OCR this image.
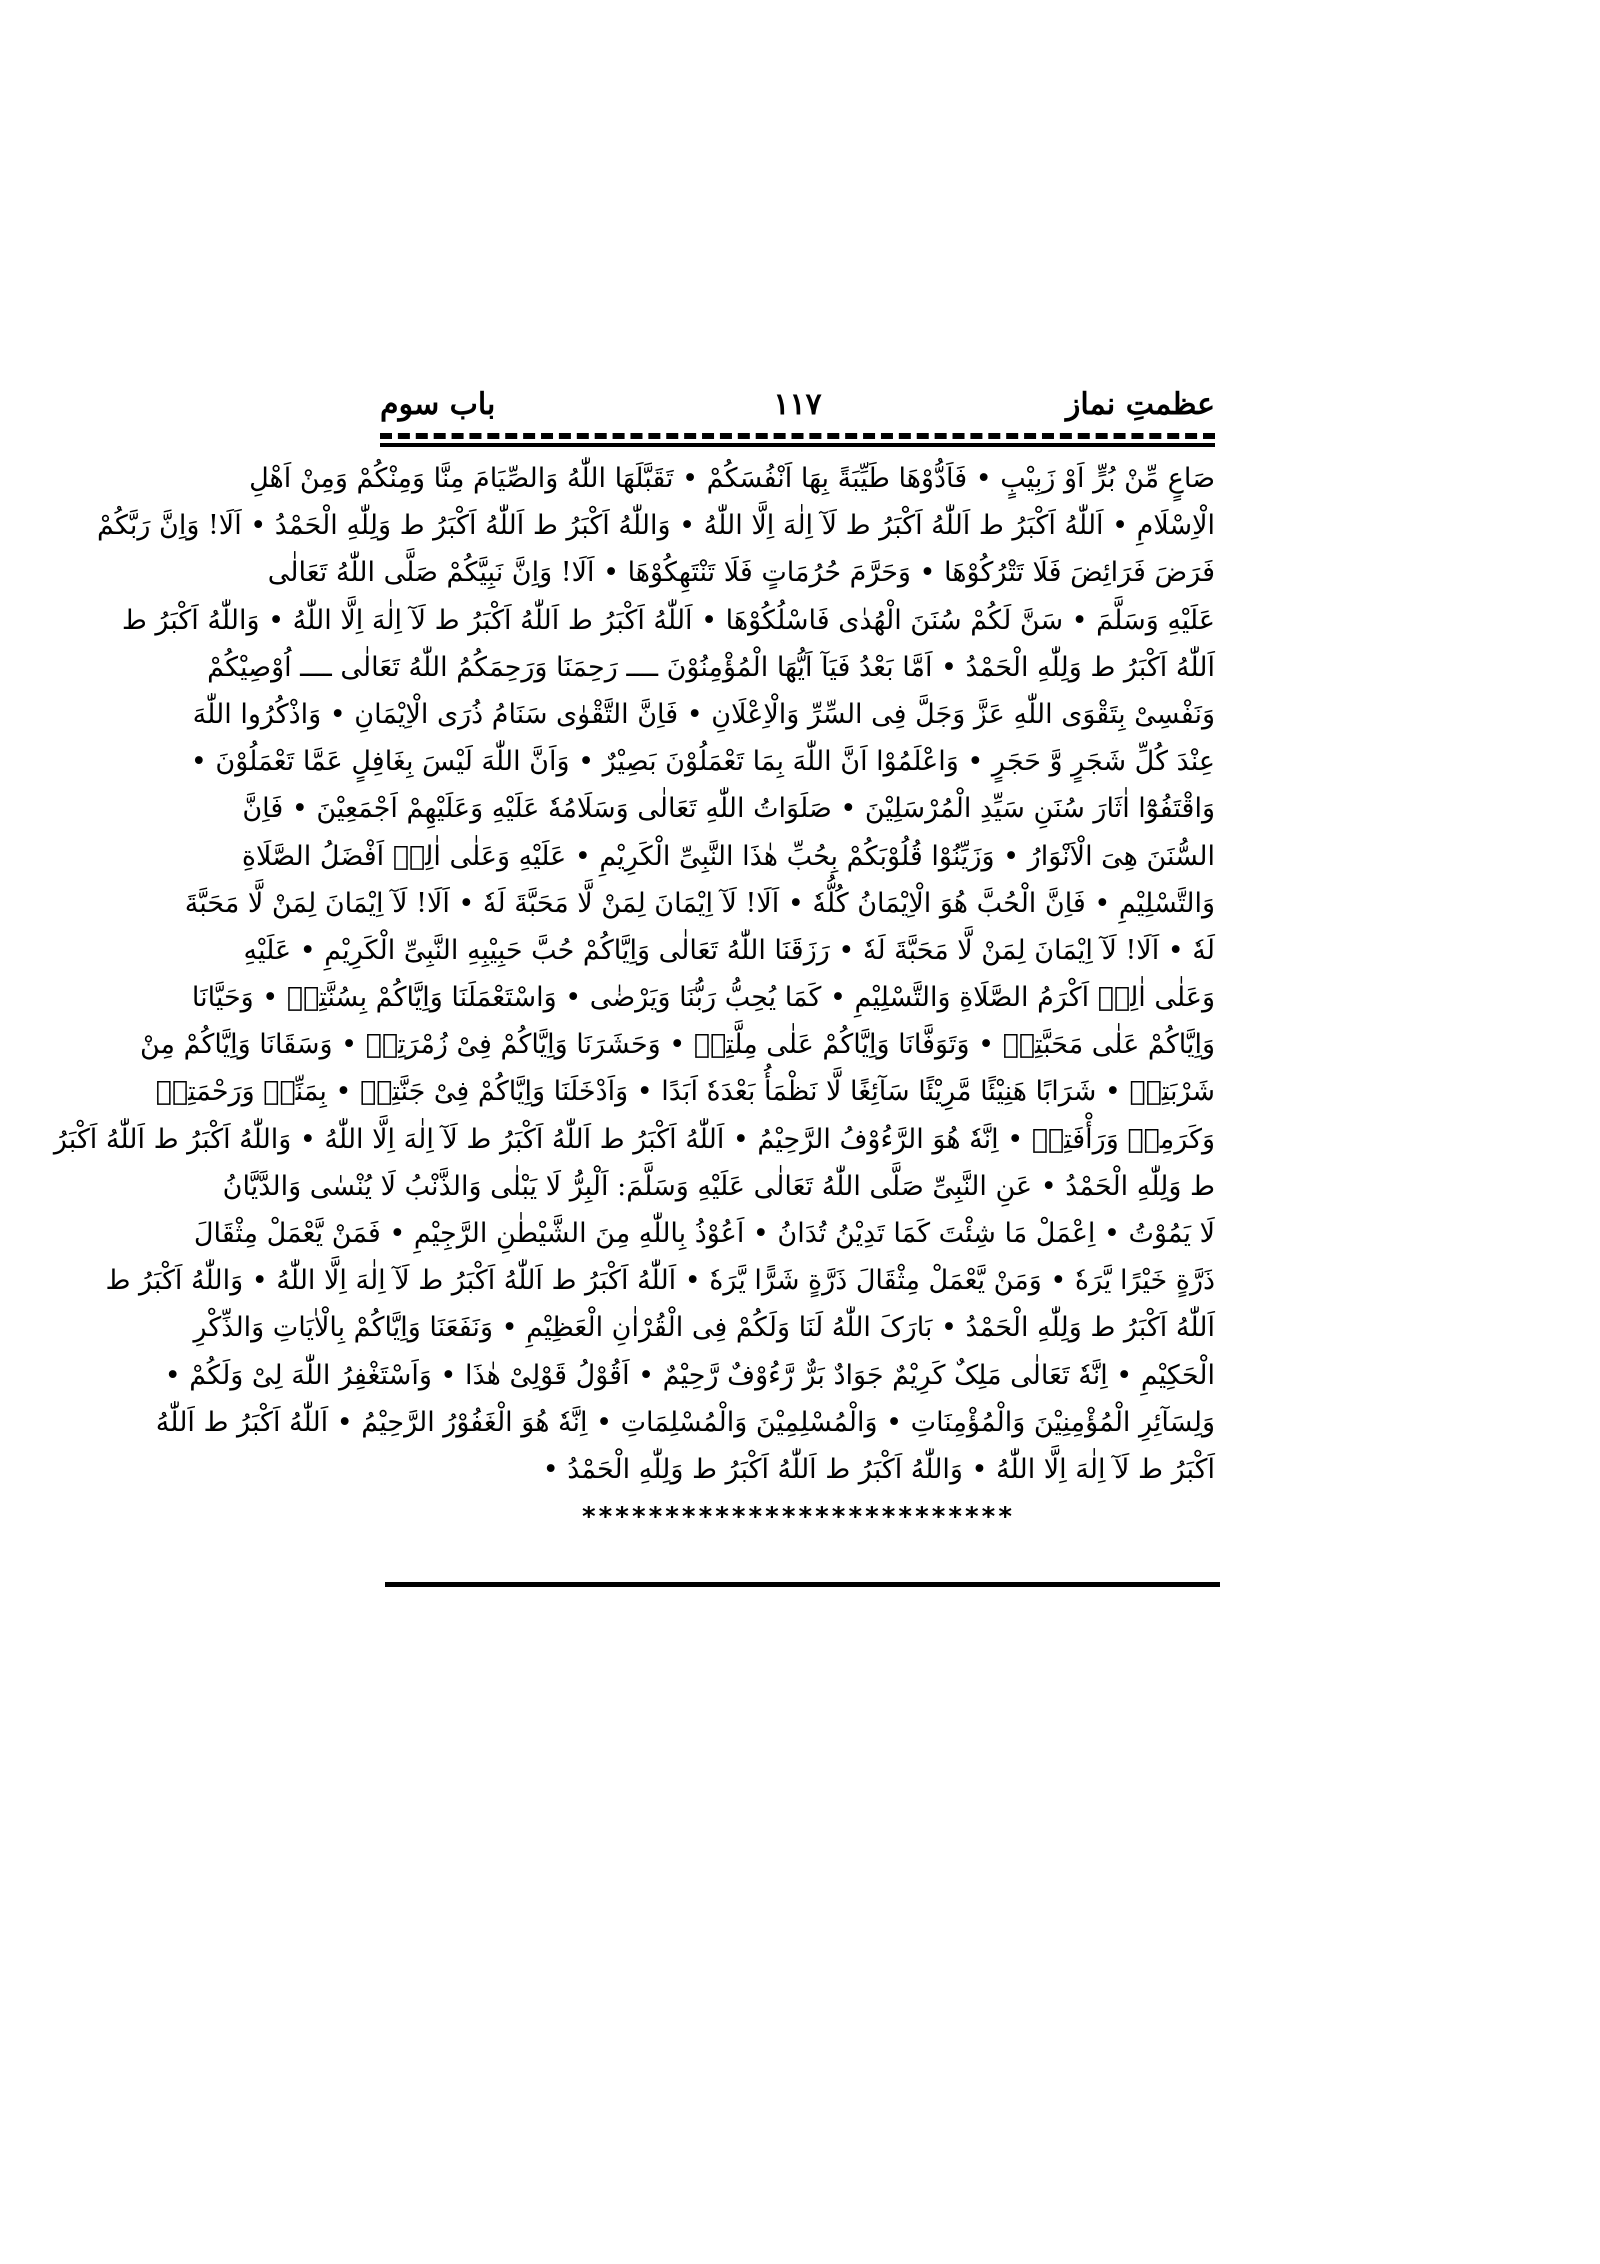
باب سوم	۱۱۷	عظمتِ نماز
صَاعٍ مِّنْ بُرٍّ اَوْ زَبِیْبٍ • فَاَدُّوْهَا طَیِّبَةً بِهَا اَنْفُسَکُمْ • تَقَبَّلَهَا اللّٰهُ وَالصِّیَامَ مِنَّا وَمِنْکُمْ وَمِنْ اَهْلِ
الْاِسْلَامِ • اَللّٰهُ اَکْبَرُ ط اَللّٰهُ اَکْبَرُ ط لَآ اِلٰهَ اِلَّا اللّٰهُ • وَاللّٰهُ اَکْبَرُ ط اَللّٰهُ اَکْبَرُ ط وَلِلّٰهِ الْحَمْدُ • اَلَا! وَاِنَّ رَبَّکُمْ
فَرَضَ فَرَائِضَ فَلَا تَتْرُکُوْهَا • وَحَرَّمَ حُرُمَاتٍ فَلَا تَنْتَهِکُوْهَا • اَلَا! وَاِنَّ نَبِیَّکُمْ صَلَّی اللّٰهُ تَعَالٰی
عَلَیْهِ وَسَلَّمَ • سَنَّ لَکُمْ سُنَنَ الْهُدٰی فَاسْلُکُوْهَا • اَللّٰهُ اَکْبَرُ ط اَللّٰهُ اَکْبَرُ ط لَآ اِلٰهَ اِلَّا اللّٰهُ • وَاللّٰهُ اَکْبَرُ ط
اَللّٰهُ اَکْبَرُ ط وَلِلّٰهِ الْحَمْدُ • اَمَّا بَعْدُ فَیَآ اَیُّهَا الْمُؤْمِنُوْنَ ــــ رَحِمَنَا وَرَحِمَکُمُ اللّٰهُ تَعَالٰی ــــ اُوْصِیْکُمْ
وَنَفْسِیْ بِتَقْوَی اللّٰهِ عَزَّ وَجَلَّ فِی السِّرِّ وَالْاِعْلَانِ • فَاِنَّ التَّقْوٰی سَنَامُ ذُرَی الْاِیْمَانِ • وَاذْکُرُوا اللّٰهَ
عِنْدَ کُلِّ شَجَرٍ وَّ حَجَرٍ • وَاعْلَمُوْا اَنَّ اللّٰهَ بِمَا تَعْمَلُوْنَ بَصِیْرٌ • وَاَنَّ اللّٰهَ لَیْسَ بِغَافِلٍ عَمَّا تَعْمَلُوْنَ •
وَاقْتَفُوْٓا اٰثَارَ سُنَنِ سَیِّدِ الْمُرْسَلِیْنَ • صَلَوَاتُ اللّٰهِ تَعَالٰی وَسَلَامُهٗ عَلَیْهِ وَعَلَیْهِمْ اَجْمَعِیْنَ • فَاِنَّ
السُّنَنَ هِیَ الْاَنْوَارُ • وَزَیِّنُوْا قُلُوْبَکُمْ بِحُبِّ هٰذَا النَّبِیِّ الْکَرِیْمِ • عَلَیْهِ وَعَلٰی اٰلِهٖ اَفْضَلُ الصَّلَاةِ
وَالتَّسْلِیْمِ • فَاِنَّ الْحُبَّ هُوَ الْاِیْمَانُ کُلُّهٗ • اَلَا! لَآ اِیْمَانَ لِمَنْ لَّا مَحَبَّةَ لَهٗ • اَلَا! لَآ اِیْمَانَ لِمَنْ لَّا مَحَبَّةَ
لَهٗ • اَلَا! لَآ اِیْمَانَ لِمَنْ لَّا مَحَبَّةَ لَهٗ • رَزَقَنَا اللّٰهُ تَعَالٰی وَاِیَّاکُمْ حُبَّ حَبِیْبِهِ النَّبِیِّ الْکَرِیْمِ • عَلَیْهِ
وَعَلٰی اٰلِهٖ اَکْرَمُ الصَّلَاةِ وَالتَّسْلِیْمِ • کَمَا یُحِبُّ رَبُّنَا وَیَرْضٰی • وَاسْتَعْمَلَنَا وَاِیَّاکُمْ بِسُنَّتِهٖ • وَحَیَّانَا
وَاِیَّاکُمْ عَلٰی مَحَبَّتِهٖ • وَتَوَفَّانَا وَاِیَّاکُمْ عَلٰی مِلَّتِهٖ • وَحَشَرَنَا وَاِیَّاکُمْ فِیْ زُمْرَتِهٖ • وَسَقَانَا وَاِیَّاکُمْ مِنْ
شَرْبَتِهٖ • شَرَابًا هَنِیْئًا مَّرِیْئًا سَآئِغًا لَّا نَظْمَأُ بَعْدَهٗ اَبَدًا • وَاَدْخَلَنَا وَاِیَّاکُمْ فِیْ جَنَّتِهٖ • بِمَنِّهٖ وَرَحْمَتِهٖ
وَکَرَمِهٖ وَرَأْفَتِهٖ • اِنَّهٗ هُوَ الرَّءُوْفُ الرَّحِیْمُ • اَللّٰهُ اَکْبَرُ ط اَللّٰهُ اَکْبَرُ ط لَآ اِلٰهَ اِلَّا اللّٰهُ • وَاللّٰهُ اَکْبَرُ ط اَللّٰهُ اَکْبَرُ
ط وَلِلّٰهِ الْحَمْدُ • عَنِ النَّبِیِّ صَلَّی اللّٰهُ تَعَالٰی عَلَیْهِ وَسَلَّمَ: اَلْبِرُّ لَا یَبْلٰی وَالذَّنْبُ لَا یُنْسٰی وَالدَّیَّانُ
لَا یَمُوْتُ • اِعْمَلْ مَا شِئْتَ کَمَا تَدِیْنُ تُدَانُ • اَعُوْذُ بِاللّٰهِ مِنَ الشَّیْطٰنِ الرَّجِیْمِ • فَمَنْ یَّعْمَلْ مِثْقَالَ
ذَرَّةٍ خَیْرًا یَّرَهٗ • وَمَنْ یَّعْمَلْ مِثْقَالَ ذَرَّةٍ شَرًّا یَّرَهٗ • اَللّٰهُ اَکْبَرُ ط اَللّٰهُ اَکْبَرُ ط لَآ اِلٰهَ اِلَّا اللّٰهُ • وَاللّٰهُ اَکْبَرُ ط
اَللّٰهُ اَکْبَرُ ط وَلِلّٰهِ الْحَمْدُ • بَارَکَ اللّٰهُ لَنَا وَلَکُمْ فِی الْقُرْاٰنِ الْعَظِیْمِ • وَنَفَعَنَا وَاِیَّاکُمْ بِالْاٰیَاتِ وَالذِّکْرِ
الْحَکِیْمِ • اِنَّهٗ تَعَالٰی مَلِکٌ کَرِیْمٌ جَوَادٌ بَرٌّ رَّءُوْفٌ رَّحِیْمٌ • اَقُوْلُ قَوْلِیْ هٰذَا • وَاَسْتَغْفِرُ اللّٰهَ لِیْ وَلَکُمْ •
وَلِسَآئِرِ الْمُؤْمِنِیْنَ وَالْمُؤْمِنَاتِ • وَالْمُسْلِمِیْنَ وَالْمُسْلِمَاتِ • اِنَّهٗ هُوَ الْغَفُوْرُ الرَّحِیْمُ • اَللّٰهُ اَکْبَرُ ط اَللّٰهُ
اَکْبَرُ ط لَآ اِلٰهَ اِلَّا اللّٰهُ • وَاللّٰهُ اَکْبَرُ ط اَللّٰهُ اَکْبَرُ ط وَلِلّٰهِ الْحَمْدُ •
**************************
